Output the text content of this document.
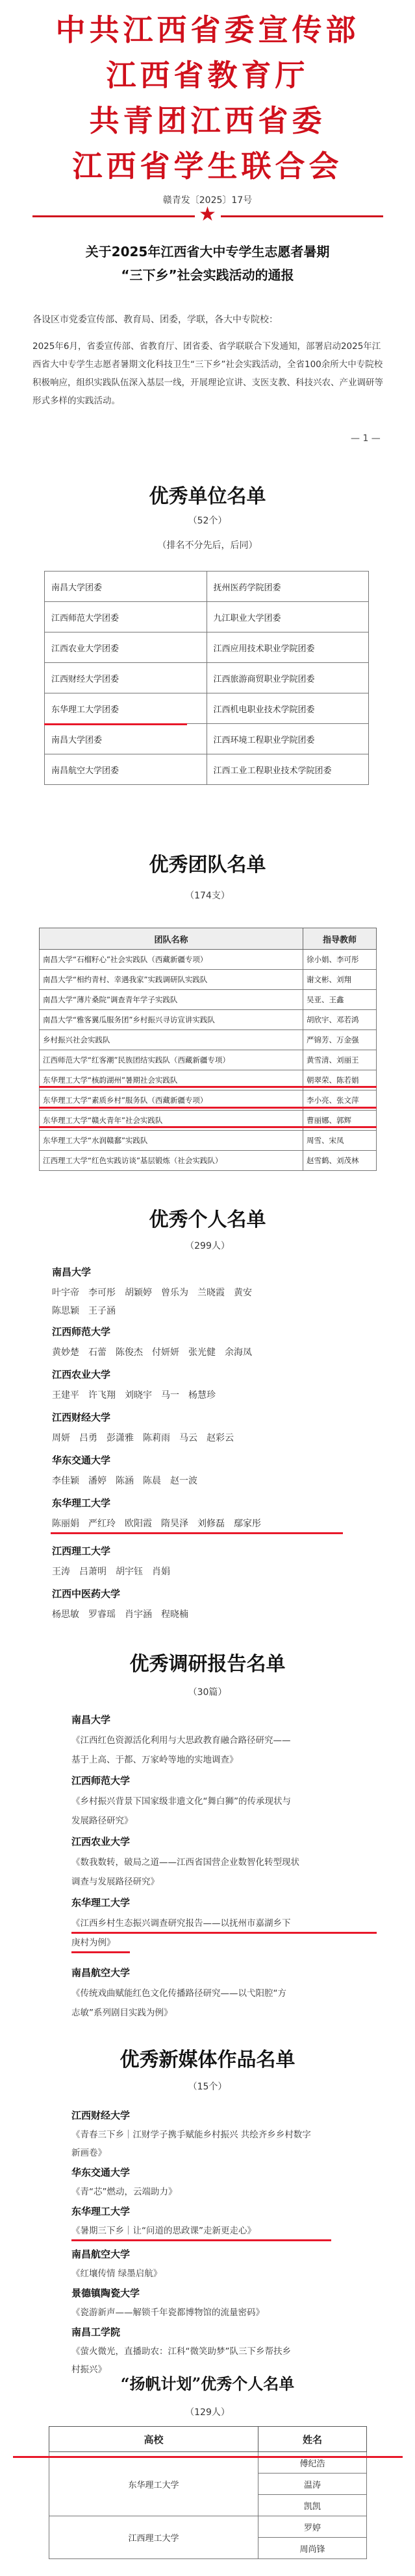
中共江西省委宣传部
江西省教育厅
共青团江西省委
江西省学生联合会
赣青发〔2025〕17号
★
关于2025年江西省大中专学生志愿者暑期
“三下乡”社会实践活动的通报
各设区市党委宣传部、教育局、团委，学联，各大中专院校：
2025年6月，省委宣传部、省教育厅、团省委、省学联联合下发通知，部署启动2025年江西省大中专学生志愿者暑期文化科技卫生“三下乡”社会实践活动，全省100余所大中专院校积极响应，组织实践队伍深入基层一线，开展理论宣讲、支医支教、科技兴农、产业调研等形式多样的实践活动。
— 1 —
优秀单位名单
（52个）
（排名不分先后，后同）
南昌大学团委	抚州医药学院团委
江西师范大学团委	九江职业大学团委
江西农业大学团委	江西应用技术职业学院团委
江西财经大学团委	江西旅游商贸职业学院团委
东华理工大学团委	江西机电职业技术学院团委
南昌大学团委	江西环境工程职业学院团委
南昌航空大学团委	江西工业工程职业技术学院团委
优秀团队名单
（174支）
团队名称	指导教师
南昌大学“石榴籽心”社会实践队（西藏新疆专项）	徐小娟、李可彤
南昌大学“相约青村、幸遇我家”实践调研队实践队	谢文彬、刘翔
南昌大学“薄片桑院”调查青年学子实践队	吴亚、王鑫
南昌大学“雅客翼瓜服务团”乡村振兴寻访宣讲实践队	胡欣宇、邓若鸿
乡村振兴社会实践队	严锦芳、万金强
江西师范大学“红客潮”民族团结实践队（西藏新疆专项）	黄雪清、刘丽王
东华理工大学“核韵湖州”暑期社会实践队	朝翠荣、陈若娟
东华理工大学“素质乡村”服务队（西藏新疆专项）	李小亮、张文萍
东华理工大学“赣火青年”社会实践队	曹丽娜、郭辉
东华理工大学“水润赣鄱”实践队	周雪、宋凤
江西理工大学“红色实践访谈”基层锻炼（社会实践队）	赵雪鹤、刘茂林
优秀个人名单
（299人）
南昌大学
叶宇帝　李可彤　胡颖婷　曾乐为　兰晓霞　黄安
陈思颖　王子涵
江西师范大学
黄妙楚　石蕾　陈俊杰　付妍妍　张光健　余海凤
江西农业大学
王建平　许飞翔　刘晓宇　马一　杨慧珍
江西财经大学
周妍　吕勇　彭潇雅　陈莉雨　马云　赵彩云
华东交通大学
李佳颖　潘婷　陈涵　陈晨　赵一波
东华理工大学
陈丽娟　严红玲　欧阳霞　隋昊泽　刘修磊　鄢家彤
江西理工大学
王涛　吕萧明　胡宇钰　肖娟
江西中医药大学
杨思敏　罗睿瑶　肖宇涵　程晓楠
优秀调研报告名单
（30篇）
南昌大学
《江西红色资源活化利用与大思政教育融合路径研究——
基于上高、于都、万家岭等地的实地调查》
江西师范大学
《乡村振兴背景下国家级非遗文化“舞白狮”的传承现状与
发展路径研究》
江西农业大学
《数我数转，破局之道——江西省国营企业数智化转型现状
调查与发展路径研究》
东华理工大学
《江西乡村生态振兴调查研究报告——以抚州市嘉湖乡下
庚村为例》
南昌航空大学
《传统戏曲赋能红色文化传播路径研究——以弋阳腔“方
志敏”系列剧目实践为例》
优秀新媒体作品名单
（15个）
江西财经大学
《青春三下乡｜江财学子携手赋能乡村振兴 共绘齐乡乡村数字
新画卷》
华东交通大学
《青“芯”燃动，云端助力》
东华理工大学
《暑期三下乡｜让“问道的思政课”走新更走心》
南昌航空大学
《红壤传情 绿墨启航》
景德镇陶瓷大学
《瓷游新声——解锁千年瓷都博物馆的流量密码》
南昌工学院
《萤火微光，直播助农：江科“微笑助梦”队三下乡帮扶乡
村振兴》
高校	姓名
东华理工大学	傅纪浩
	温涛
	凯凯
江西理工大学	罗婷
	周尚锋
“扬帆计划”优秀个人名单
（129人）
